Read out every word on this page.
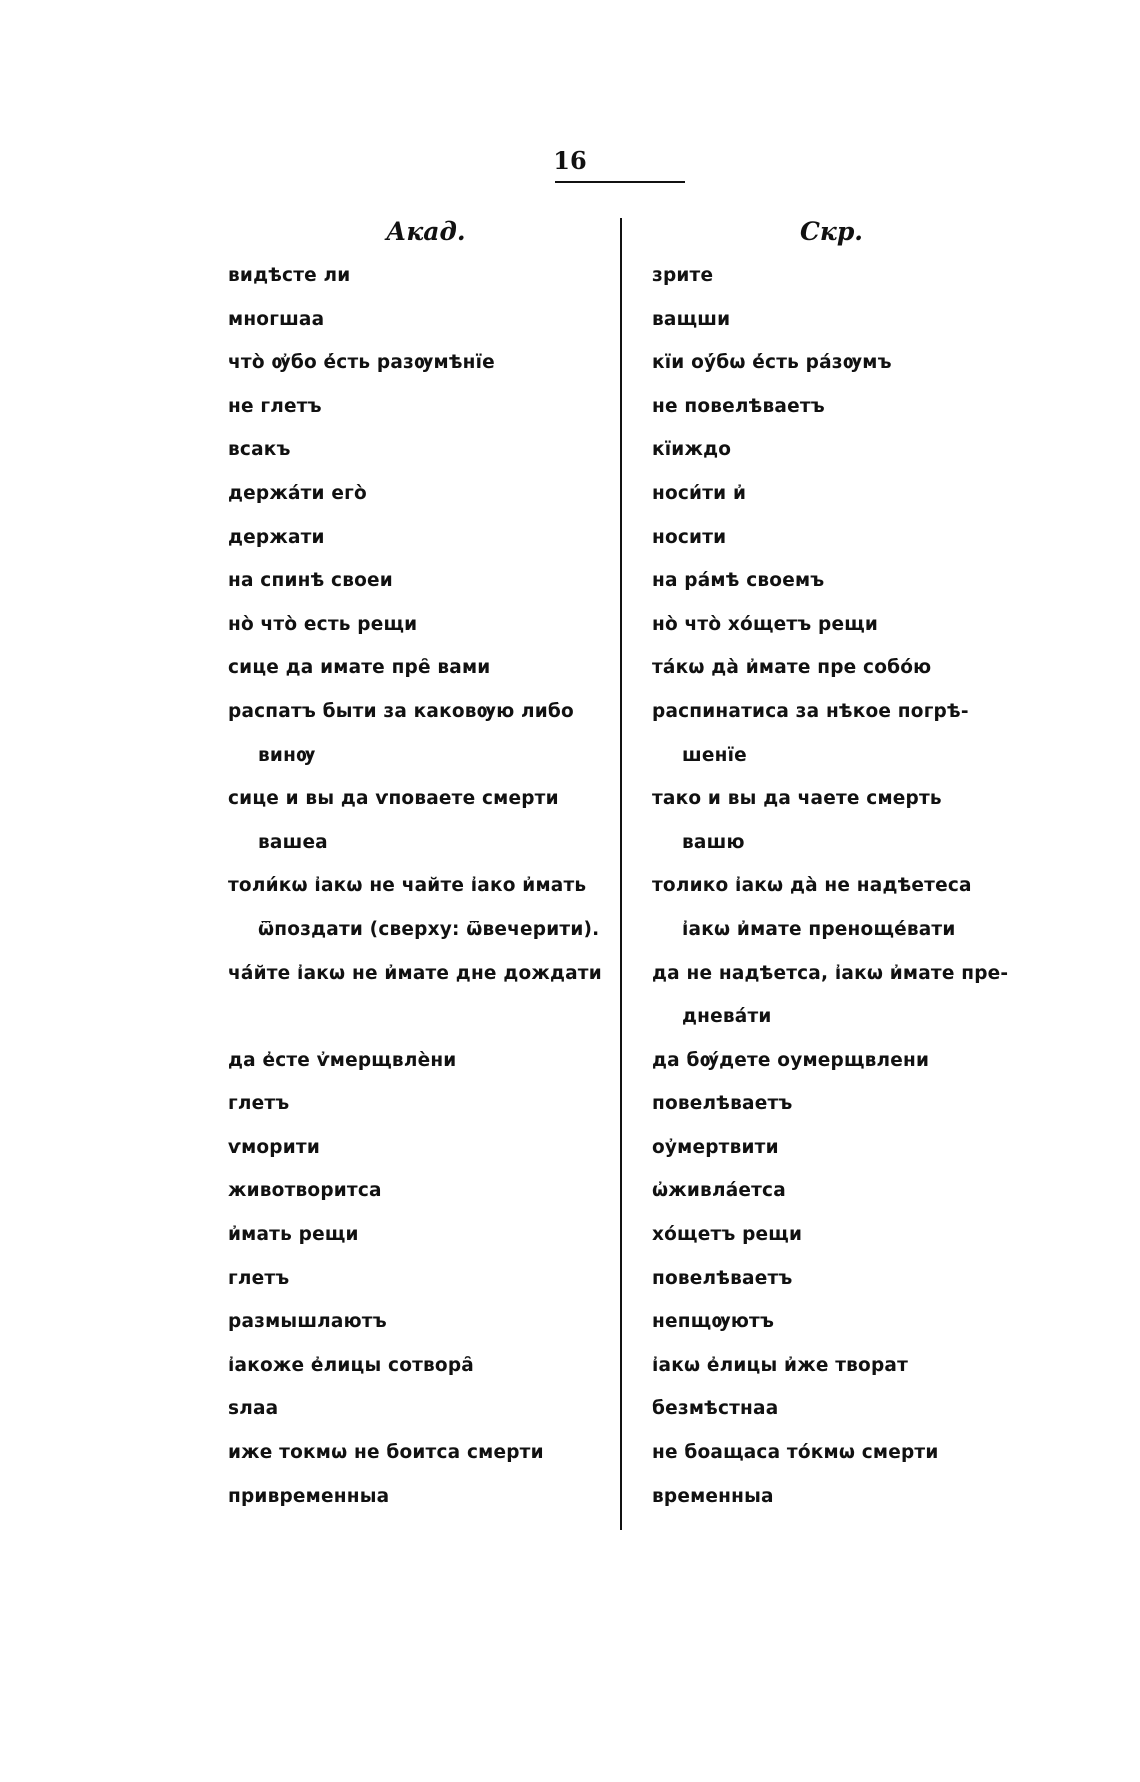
16
Акад.
видѣсте ли
многшаа
что̀ ѹ҆бо е҆́сть разѹмѣнїе
не глетъ
всакъ
держа́ти его̀
держати
на спинѣ своеи
но̀ что̀ есть рещи
сице да имате пре̑ вами
распатъ быти за каковѹю либо
винѹ
сице и вы да ѵповаете смерти
вашеа
толи́кѡ і҆акѡ не чайте і҆ако и҆мать
ѿпоздати (сверху: ѿвечерити).
ча́йте і҆акѡ не и҆мате дне дождати
да е҆сте ѵ҆мерщвлѐни
глетъ
ѵморити
животворитса
и҆мать рещи
глетъ
размышлаютъ
і҆акоже е҆лицы сотвора̑
ѕлаа
иже токмѡ не боитса смерти
привременныа
Скр.
зрите
ващши
кїи оу҆́бѡ е҆́сть ра́зѹмъ
не повелѣваетъ
кїиждо
носи́ти и҆
носити
на ра́мѣ своемъ
но̀ что̀ хо́щетъ рещи
та́кѡ да̀ и҆мате пре собо́ю
распинатиса за нѣкое погрѣ-
шенїе
тако и вы да чаете смерть
вашю
толико і҆акѡ да̀ не надѣетеса
і҆акѡ и҆мате преноще́вати
да не надѣетса, і҆акѡ и҆мате пре-
днева́ти
да бѹ́дете оумерщвлени
повелѣваетъ
оу҆мертвити
ѡ҆живла́етса
хо́щетъ рещи
повелѣваетъ
непщѹютъ
і҆акѡ е҆лицы и҆же творат
безмѣстнаа
не боащаса то́кмѡ смерти
временныа
